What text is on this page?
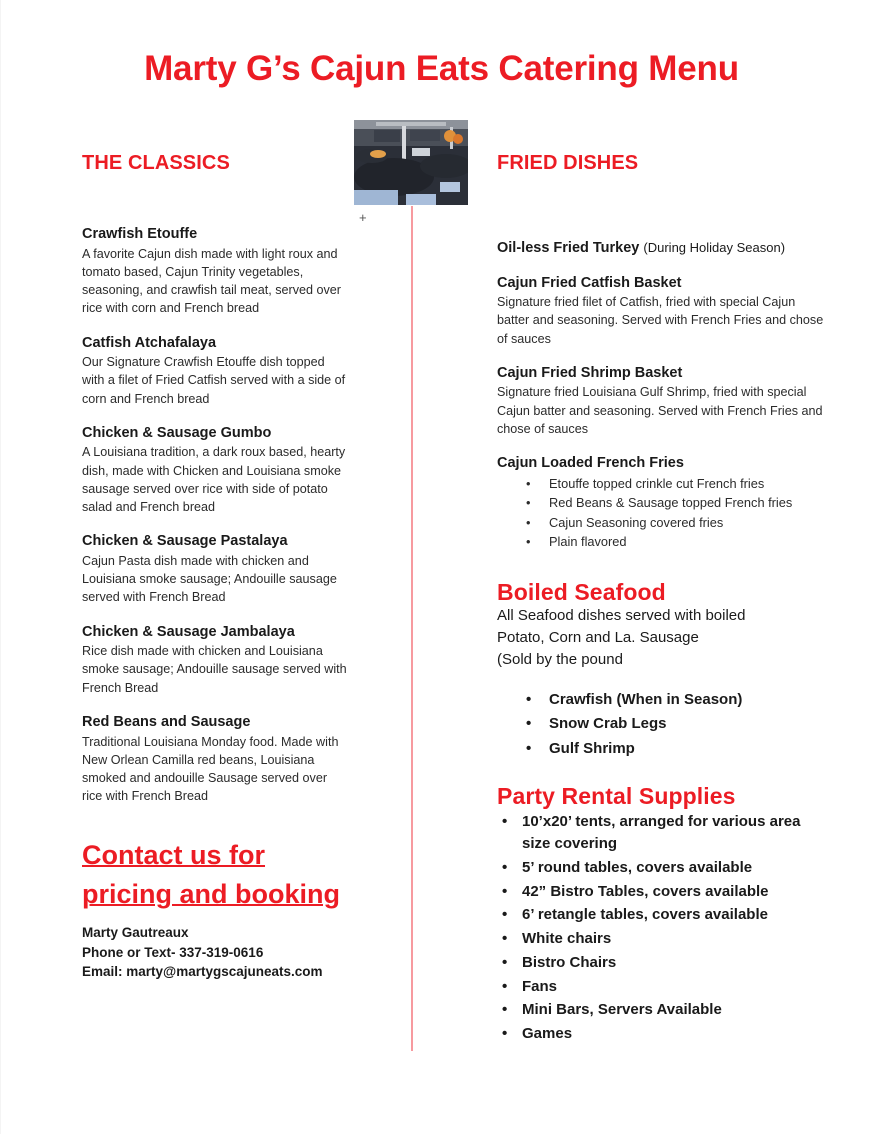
Marty G’s Cajun Eats Catering Menu
+
THE CLASSICS

Crawfish Etouffe

A favorite Cajun dish made with light roux and tomato based, Cajun Trinity vegetables, seasoning, and crawfish tail meat, served over rice with corn and French bread

Catfish Atchafalaya

Our Signature Crawfish Etouffe dish topped with a filet of Fried Catfish served with a side of corn and French bread

Chicken & Sausage Gumbo

A Louisiana tradition, a dark roux based, hearty dish, made with Chicken and Louisiana smoke sausage served over rice with side of potato salad and French bread

Chicken & Sausage Pastalaya

Cajun Pasta dish made with chicken and Louisiana smoke sausage; Andouille sausage served with French Bread

Chicken & Sausage Jambalaya

Rice dish made with chicken and Louisiana smoke sausage; Andouille sausage served with French Bread

Red Beans and Sausage

Traditional Louisiana Monday food. Made with New Orlean Camilla red beans, Louisiana smoked and andouille Sausage served over rice with French Bread

Contact us for
pricing and booking

Marty Gautreaux

Phone or Text- 337-319-0616

Email: marty@martygscajuneats.com

FRIED DISHES

Oil-less Fried Turkey (During Holiday Season)

Cajun Fried Catfish Basket

Signature fried filet of Catfish, fried with special Cajun batter and seasoning. Served with French Fries and chose of sauces

Cajun Fried Shrimp Basket

Signature fried Louisiana Gulf Shrimp, fried with special Cajun batter and seasoning. Served with French Fries and chose of sauces

Cajun Loaded French Fries

• Etouffe topped crinkle cut French fries
• Red Beans & Sausage topped French fries
• Cajun Seasoning covered fries
• Plain flavored
Boiled Seafood

All Seafood dishes served with boiled

Potato, Corn and La. Sausage

(Sold by the pound

• Crawfish (When in Season)
• Snow Crab Legs
• Gulf Shrimp
Party Rental Supplies
• 10’x20’ tents, arranged for various area size covering
• 5’ round tables, covers available
• 42” Bistro Tables, covers available
• 6’ retangle tables, covers available
• White chairs
• Bistro Chairs
• Fans
• Mini Bars, Servers Available
• Games
